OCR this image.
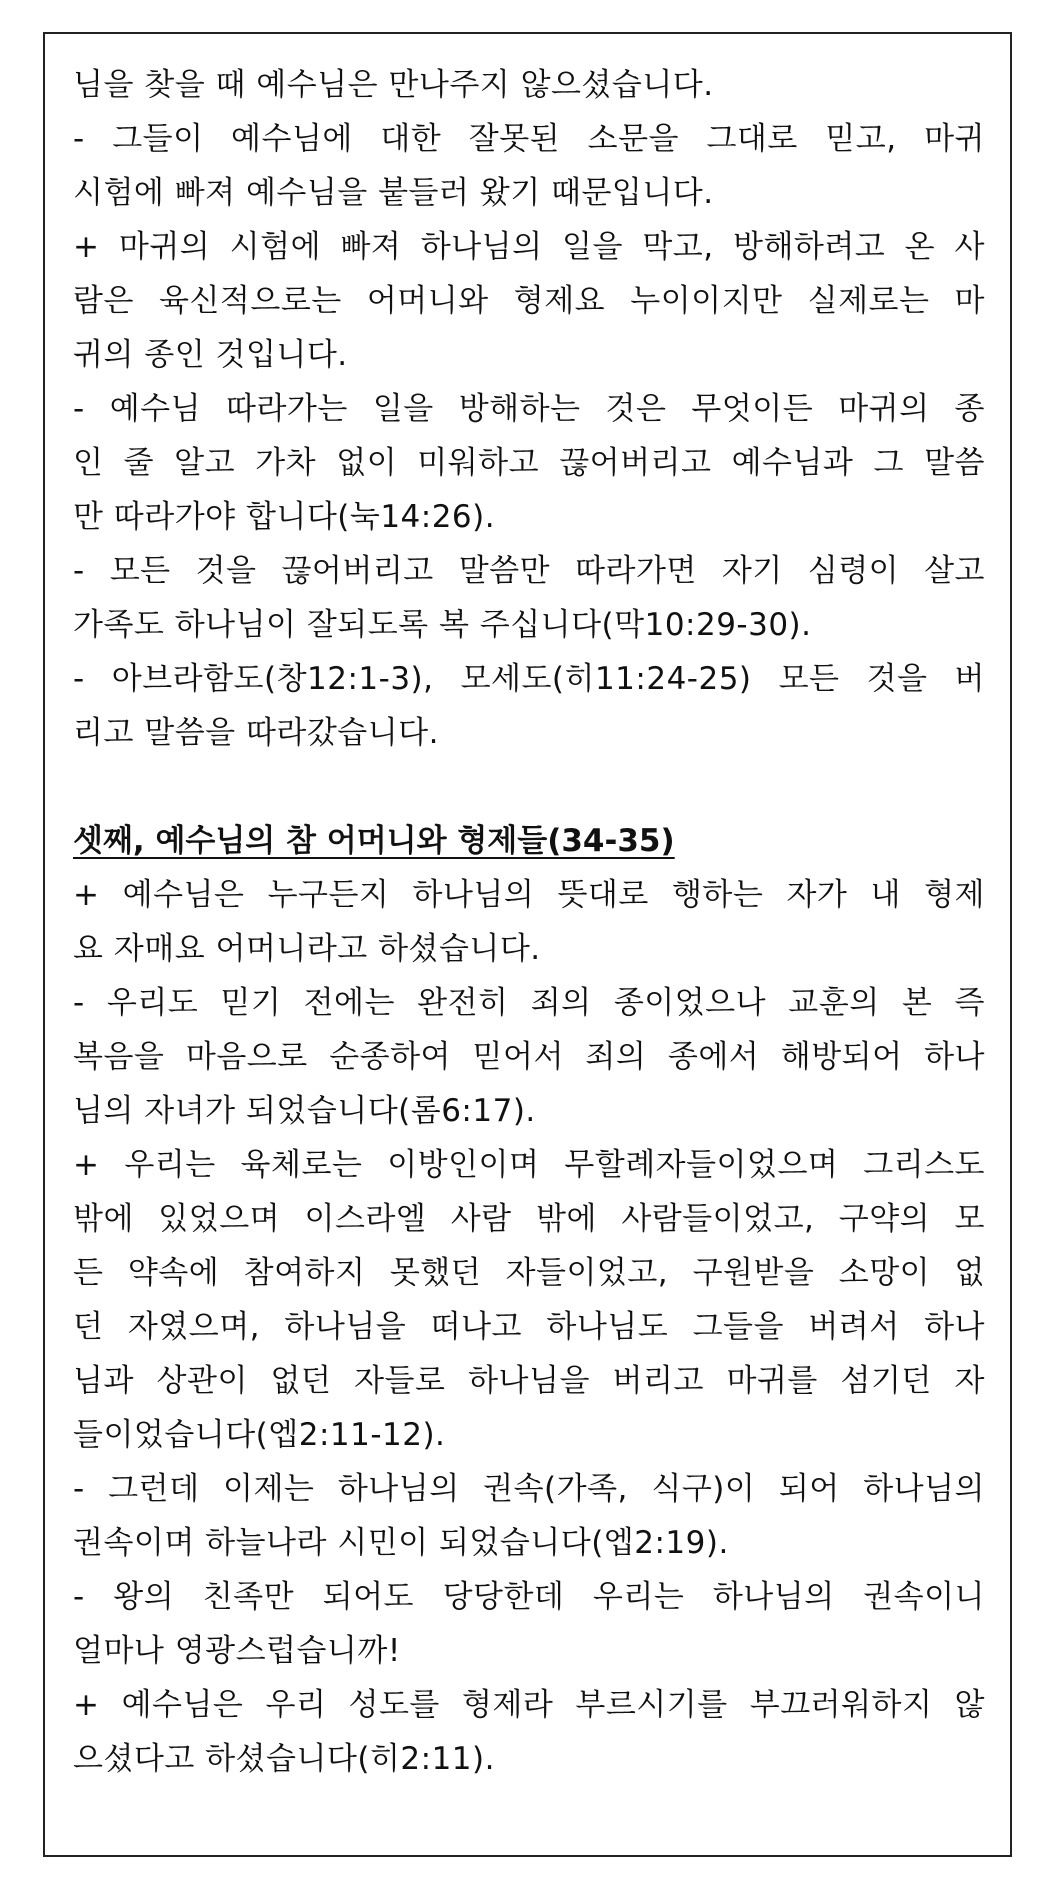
님을 찾을 때 예수님은 만나주지 않으셨습니다.
- 그들이 예수님에 대한 잘못된 소문을 그대로 믿고, 마귀
시험에 빠져 예수님을 붙들러 왔기 때문입니다.
+ 마귀의 시험에 빠져 하나님의 일을 막고, 방해하려고 온 사
람은 육신적으로는 어머니와 형제요 누이이지만 실제로는 마
귀의 종인 것입니다.
- 예수님 따라가는 일을 방해하는 것은 무엇이든 마귀의 종
인 줄 알고 가차 없이 미워하고 끊어버리고 예수님과 그 말씀
만 따라가야 합니다(눅14:26).
- 모든 것을 끊어버리고 말씀만 따라가면 자기 심령이 살고
가족도 하나님이 잘되도록 복 주십니다(막10:29-30).
- 아브라함도(창12:1-3), 모세도(히11:24-25) 모든 것을 버
리고 말씀을 따라갔습니다.
셋째, 예수님의 참 어머니와 형제들(34-35)
+ 예수님은 누구든지 하나님의 뜻대로 행하는 자가 내 형제
요 자매요 어머니라고 하셨습니다.
- 우리도 믿기 전에는 완전히 죄의 종이었으나 교훈의 본 즉
복음을 마음으로 순종하여 믿어서 죄의 종에서 해방되어 하나
님의 자녀가 되었습니다(롬6:17).
+ 우리는 육체로는 이방인이며 무할례자들이었으며 그리스도
밖에 있었으며 이스라엘 사람 밖에 사람들이었고, 구약의 모
든 약속에 참여하지 못했던 자들이었고, 구원받을 소망이 없
던 자였으며, 하나님을 떠나고 하나님도 그들을 버려서 하나
님과 상관이 없던 자들로 하나님을 버리고 마귀를 섬기던 자
들이었습니다(엡2:11-12).
- 그런데 이제는 하나님의 권속(가족, 식구)이 되어 하나님의
권속이며 하늘나라 시민이 되었습니다(엡2:19).
- 왕의 친족만 되어도 당당한데 우리는 하나님의 권속이니
얼마나 영광스럽습니까!
+ 예수님은 우리 성도를 형제라 부르시기를 부끄러워하지 않
으셨다고 하셨습니다(히2:11).
